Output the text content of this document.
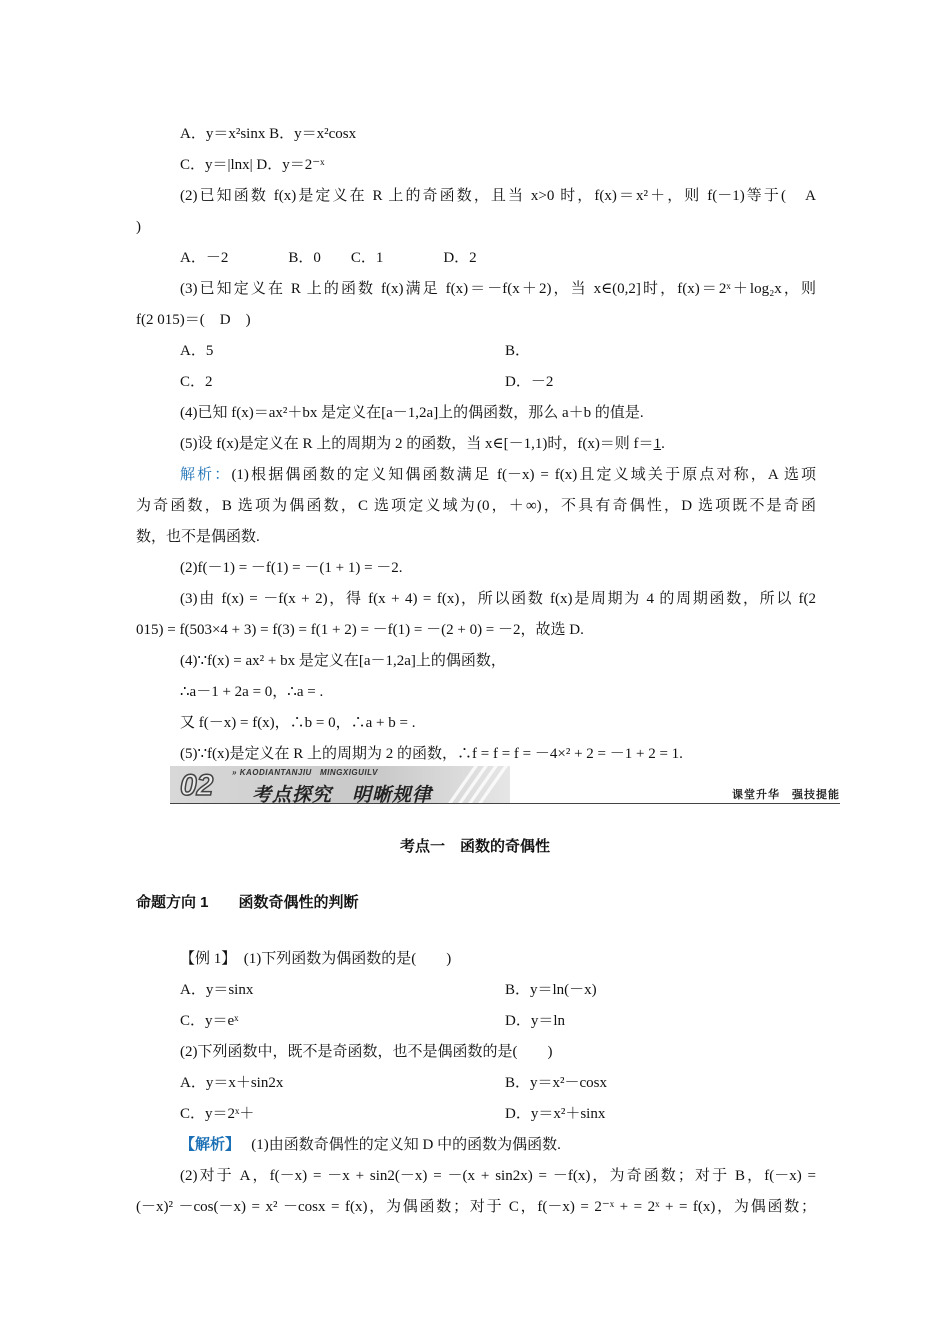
A．y＝x²sinx B．y＝x²cosx
C．y＝|lnx| D．y＝2⁻ˣ
(2)已知函数 f(x)是定义在 R 上的奇函数，且当 x>0 时，f(x)＝x²＋，则 f(－1)等于(　A
)
A．－2　　　　B．0　　C．1　　　　D．2
(3)已知定义在 R 上的函数 f(x)满足 f(x)＝－f(x＋2)，当 x∈(0,2]时，f(x)＝2ˣ＋log₂x，则
f(2 015)＝(　D　)
A．5	B．
C．2	D．－2
(4)已知 f(x)＝ax²＋bx 是定义在[a－1,2a]上的偶函数，那么 a＋b 的值是.
(5)设 f(x)是定义在 R 上的周期为 2 的函数，当 x∈[－1,1)时，f(x)＝则 f＝1.
解析：(1)根据偶函数的定义知偶函数满足 f(－x) = f(x)且定义域关于原点对称，A 选项
为奇函数，B 选项为偶函数，C 选项定义域为(0，＋∞)，不具有奇偶性，D 选项既不是奇函
数，也不是偶函数.
(2)f(－1) = －f(1) = －(1 + 1) = －2.
(3)由 f(x) = －f(x + 2)，得 f(x + 4) = f(x)，所以函数 f(x)是周期为 4 的周期函数，所以 f(2
015) = f(503×4 + 3) = f(3) = f(1 + 2) = －f(1) = －(2 + 0) = －2，故选 D.
(4)∵f(x) = ax² + bx 是定义在[a－1,2a]上的偶函数，
∴a－1 + 2a = 0，∴a = .
又 f(－x) = f(x)，∴b = 0，∴a + b = .
(5)∵f(x)是定义在 R 上的周期为 2 的函数，∴f = f = f = －4×² + 2 = －1 + 2 = 1.
02 » KAODIANTANJIU   MINGXIGUILV
考点探究　明晰规律	课堂升华　强技提能
考点一　函数的奇偶性
命题方向 1　　函数奇偶性的判断
【例 1】 (1)下列函数为偶函数的是(　　)
A．y＝sinx	B．y＝ln(－x)
C．y＝eˣ	D．y＝ln
(2)下列函数中，既不是奇函数，也不是偶函数的是(　　)
A．y＝x＋sin2x	B．y＝x²－cosx
C．y＝2ˣ＋	D．y＝x²＋sinx
【解析】 (1)由函数奇偶性的定义知 D 中的函数为偶函数.
(2)对于 A，f(－x) = －x + sin2(－x) = －(x + sin2x) = －f(x)，为奇函数；对于 B，f(－x) =
(－x)² －cos(－x) = x² －cosx = f(x)，为偶函数；对于 C，f(－x) = 2⁻ˣ + = 2ˣ + = f(x)，为偶函数；
